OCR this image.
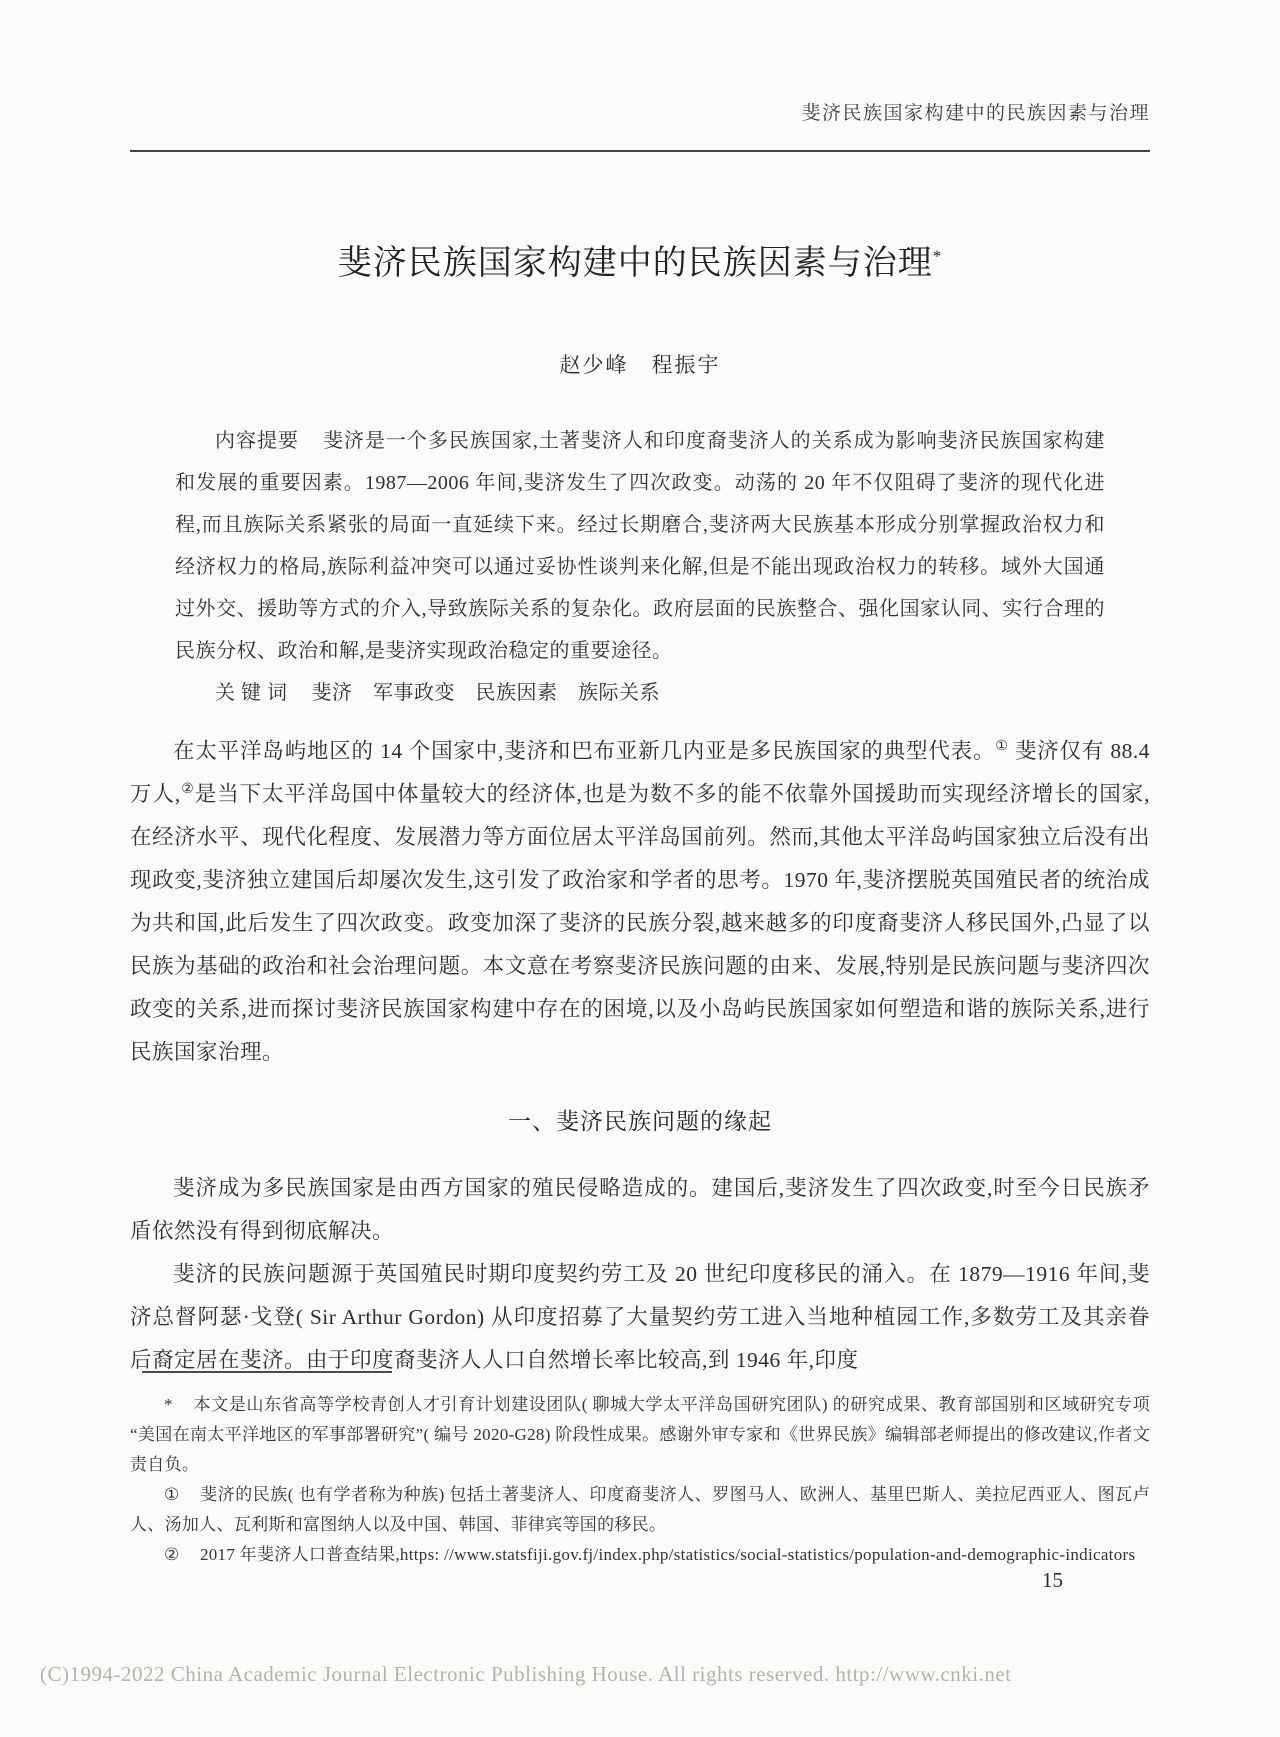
斐济民族国家构建中的民族因素与治理
斐济民族国家构建中的民族因素与治理*
赵少峰　程振宇

内容提要 斐济是一个多民族国家,土著斐济人和印度裔斐济人的关系成为影响斐济民族国家构建和发展的重要因素。1987—2006 年间,斐济发生了四次政变。动荡的 20 年不仅阻碍了斐济的现代化进程,而且族际关系紧张的局面一直延续下来。经过长期磨合,斐济两大民族基本形成分别掌握政治权力和经济权力的格局,族际利益冲突可以通过妥协性谈判来化解,但是不能出现政治权力的转移。域外大国通过外交、援助等方式的介入,导致族际关系的复杂化。政府层面的民族整合、强化国家认同、实行合理的民族分权、政治和解,是斐济实现政治稳定的重要途径。

关 键 词 斐济　军事政变　民族因素　族际关系

在太平洋岛屿地区的 14 个国家中,斐济和巴布亚新几内亚是多民族国家的典型代表。① 斐济仅有 88.4 万人,②是当下太平洋岛国中体量较大的经济体,也是为数不多的能不依靠外国援助而实现经济增长的国家,在经济水平、现代化程度、发展潜力等方面位居太平洋岛国前列。然而,其他太平洋岛屿国家独立后没有出现政变,斐济独立建国后却屡次发生,这引发了政治家和学者的思考。1970 年,斐济摆脱英国殖民者的统治成为共和国,此后发生了四次政变。政变加深了斐济的民族分裂,越来越多的印度裔斐济人移民国外,凸显了以民族为基础的政治和社会治理问题。本文意在考察斐济民族问题的由来、发展,特别是民族问题与斐济四次政变的关系,进而探讨斐济民族国家构建中存在的困境,以及小岛屿民族国家如何塑造和谐的族际关系,进行民族国家治理。

一、斐济民族问题的缘起

斐济成为多民族国家是由西方国家的殖民侵略造成的。建国后,斐济发生了四次政变,时至今日民族矛盾依然没有得到彻底解决。

斐济的民族问题源于英国殖民时期印度契约劳工及 20 世纪印度移民的涌入。在 1879—1916 年间,斐济总督阿瑟·戈登( Sir Arthur Gordon) 从印度招募了大量契约劳工进入当地种植园工作,多数劳工及其亲眷后裔定居在斐济。由于印度裔斐济人人口自然增长率比较高,到 1946 年,印度

* 本文是山东省高等学校青创人才引育计划建设团队( 聊城大学太平洋岛国研究团队) 的研究成果、教育部国别和区域研究专项“美国在南太平洋地区的军事部署研究”( 编号 2020-G28) 阶段性成果。感谢外审专家和《世界民族》编辑部老师提出的修改建议,作者文责自负。

① 斐济的民族( 也有学者称为种族) 包括土著斐济人、印度裔斐济人、罗图马人、欧洲人、基里巴斯人、美拉尼西亚人、图瓦卢人、汤加人、瓦利斯和富图纳人以及中国、韩国、菲律宾等国的移民。

② 2017 年斐济人口普查结果,https: //www.statsfiji.gov.fj/index.php/statistics/social-statistics/population-and-demographic-indicators

15
(C)1994-2022 China Academic Journal Electronic Publishing House. All rights reserved. http://www.cnki.net
